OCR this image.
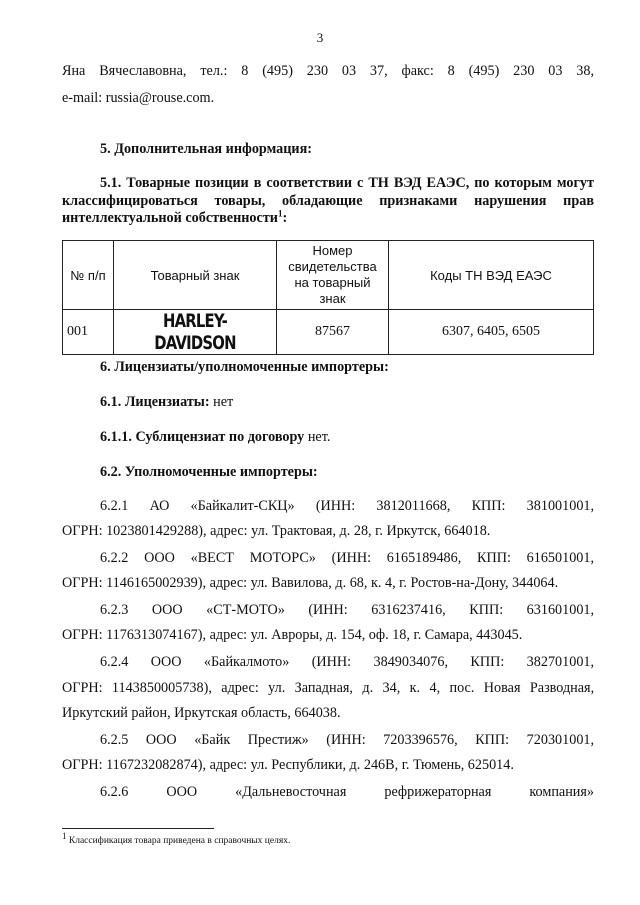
3
Яна Вячеславовна, тел.: 8 (495) 230 03 37, факс: 8 (495) 230 03 38,
e-mail: russia@rouse.com.
5. Дополнительная информация:
5.1. Товарные позиции в соответствии с ТН ВЭД ЕАЭС, по которым могут классифицироваться товары, обладающие признаками нарушения прав интеллектуальной собственности$^1$:
№ п/п	Товарный знак	Номер свидетельства на товарный знак	Коды ТН ВЭД ЕАЭС
001	HARLEY-DAVIDSON	87567	6307, 6405, 6505
6. Лицензиаты/уполномоченные импортеры:
6.1. Лицензиаты: нет
6.1.1. Сублицензиат по договору нет.
6.2. Уполномоченные импортеры:
6.2.1 АО «Байкалит-СКЦ» (ИНН: 3812011668, КПП: 381001001,
ОГРН: 1023801429288), адрес: ул. Трактовая, д. 28, г. Иркутск, 664018.
6.2.2 ООО «ВЕСТ МОТОРС» (ИНН: 6165189486, КПП: 616501001,
ОГРН: 1146165002939), адрес: ул. Вавилова, д. 68, к. 4, г. Ростов-на-Дону, 344064.
6.2.3 ООО «СТ-МОТО» (ИНН: 6316237416, КПП: 631601001,
ОГРН: 1176313074167), адрес: ул. Авроры, д. 154, оф. 18, г. Самара, 443045.
6.2.4 ООО «Байкалмото» (ИНН: 3849034076, КПП: 382701001,
ОГРН: 1143850005738), адрес: ул. Западная, д. 34, к. 4, пос. Новая Разводная,
Иркутский район, Иркутская область, 664038.
6.2.5 ООО «Байк Престиж» (ИНН: 7203396576, КПП: 720301001,
ОГРН: 1167232082874), адрес: ул. Республики, д. 246В, г. Тюмень, 625014.
6.2.6	ООО	«Дальневосточная	рефрижераторная	компания»
$^1$ Классификация товара приведена в справочных целях.
